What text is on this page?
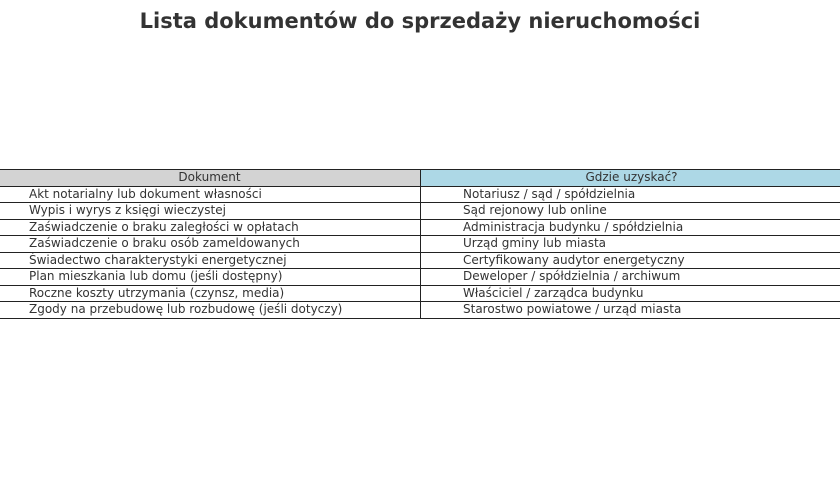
Lista dokumentów do sprzedaży nieruchomości
Dokument	Gdzie uzyskać?
Akt notarialny lub dokument własności	Notariusz / sąd / spółdzielnia
Wypis i wyrys z księgi wieczystej	Sąd rejonowy lub online
Zaświadczenie o braku zaległości w opłatach	Administracja budynku / spółdzielnia
Zaświadczenie o braku osób zameldowanych	Urząd gminy lub miasta
Świadectwo charakterystyki energetycznej	Certyfikowany audytor energetyczny
Plan mieszkania lub domu (jeśli dostępny)	Deweloper / spółdzielnia / archiwum
Roczne koszty utrzymania (czynsz, media)	Właściciel / zarządca budynku
Zgody na przebudowę lub rozbudowę (jeśli dotyczy)	Starostwo powiatowe / urząd miasta
